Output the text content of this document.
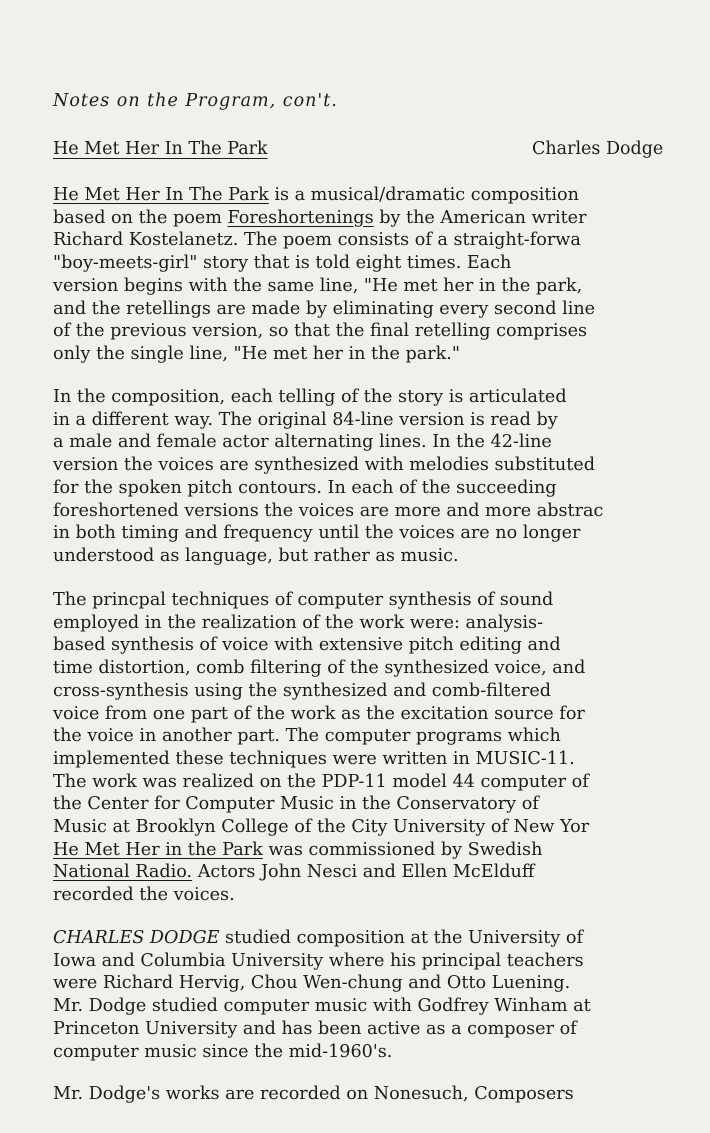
Notes on the Program, con't.
He Met Her In The Park	Charles Dodge
He Met Her In The Park is a musical/dramatic composition
based on the poem Foreshortenings by the American writer
Richard Kostelanetz. The poem consists of a straight-forwa
"boy-meets-girl" story that is told eight times. Each
version begins with the same line, "He met her in the park,
and the retellings are made by eliminating every second line
of the previous version, so that the final retelling comprises
only the single line, "He met her in the park."
In the composition, each telling of the story is articulated
in a different way. The original 84-line version is read by
a male and female actor alternating lines. In the 42-line
version the voices are synthesized with melodies substituted
for the spoken pitch contours. In each of the succeeding
foreshortened versions the voices are more and more abstrac
in both timing and frequency until the voices are no longer
understood as language, but rather as music.
The princpal techniques of computer synthesis of sound
employed in the realization of the work were: analysis-
based synthesis of voice with extensive pitch editing and
time distortion, comb filtering of the synthesized voice, and
cross-synthesis using the synthesized and comb-filtered
voice from one part of the work as the excitation source for
the voice in another part. The computer programs which
implemented these techniques were written in MUSIC-11.
The work was realized on the PDP-11 model 44 computer of
the Center for Computer Music in the Conservatory of
Music at Brooklyn College of the City University of New Yor
He Met Her in the Park was commissioned by Swedish
National Radio. Actors John Nesci and Ellen McElduff
recorded the voices.
CHARLES DODGE studied composition at the University of
Iowa and Columbia University where his principal teachers
were Richard Hervig, Chou Wen-chung and Otto Luening.
Mr. Dodge studied computer music with Godfrey Winham at
Princeton University and has been active as a composer of
computer music since the mid-1960's.
Mr. Dodge's works are recorded on Nonesuch, Composers
